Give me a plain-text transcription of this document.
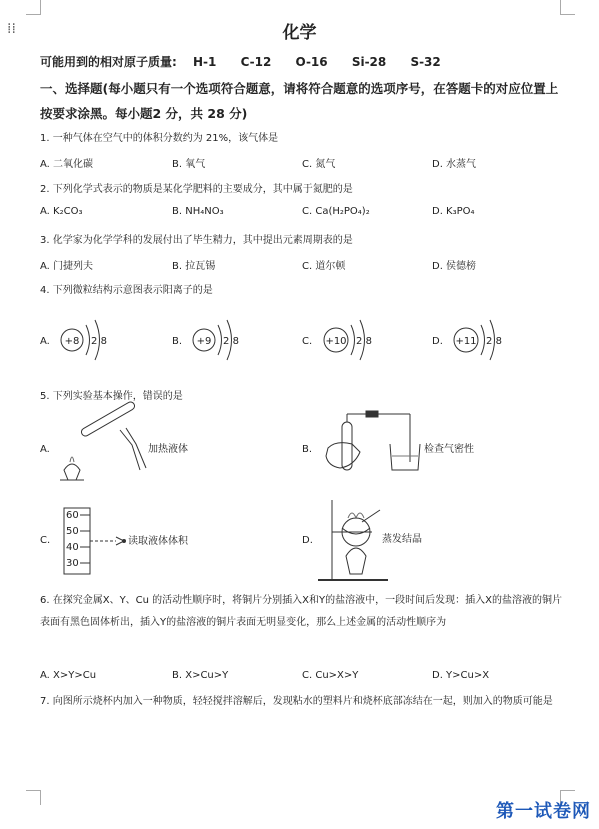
⁞⁞	化学
可能用到的相对原子质量: H-1 C-12 O-16 Si-28 S-32
一、选择题(每小题只有一个选项符合题意，请将符合题意的选项序号，在答题卡的对应位置上按要求涂黑。每小题2 分，共 28 分)
1. 一种气体在空气中的体积分数约为 21%，该气体是
A. 二氧化碳	B. 氧气	C. 氮气	D. 水蒸气
2. 下列化学式表示的物质是某化学肥料的主要成分，其中属于氮肥的是
A. K₂CO₃	B. NH₄NO₃	C. Ca(H₂PO₄)₂	D. K₃PO₄
3. 化学家为化学学科的发展付出了毕生精力，其中提出元素周期表的是
A. 门捷列夫	B. 拉瓦锡	C. 道尔顿	D. 侯德榜
4. 下列微粒结构示意图表示阳离子的是
A. +8 2 8	B. +9 2 8	C. +10 2 8	D. +11 2 8
A.	加热液体	B.	检查气密性
C.
60
50
40
30
读取液体体积	D.	蒸发结晶
5. 下列实验基本操作，错误的是
6. 在探究金属X、Y、Cu 的活动性顺序时，将铜片分别插入X和Y的盐溶液中，一段时间后发现：插入X的盐溶液的铜片表面有黑色固体析出，插入Y的盐溶液的铜片表面无明显变化，那么上述金属的活动性顺序为
A. X>Y>Cu	B. X>Cu>Y	C. Cu>X>Y	D. Y>Cu>X
7. 向图所示烧杯内加入一种物质，轻轻搅拌溶解后，发现粘水的塑料片和烧杯底部冻结在一起，则加入的物质可能是
第一试卷网
